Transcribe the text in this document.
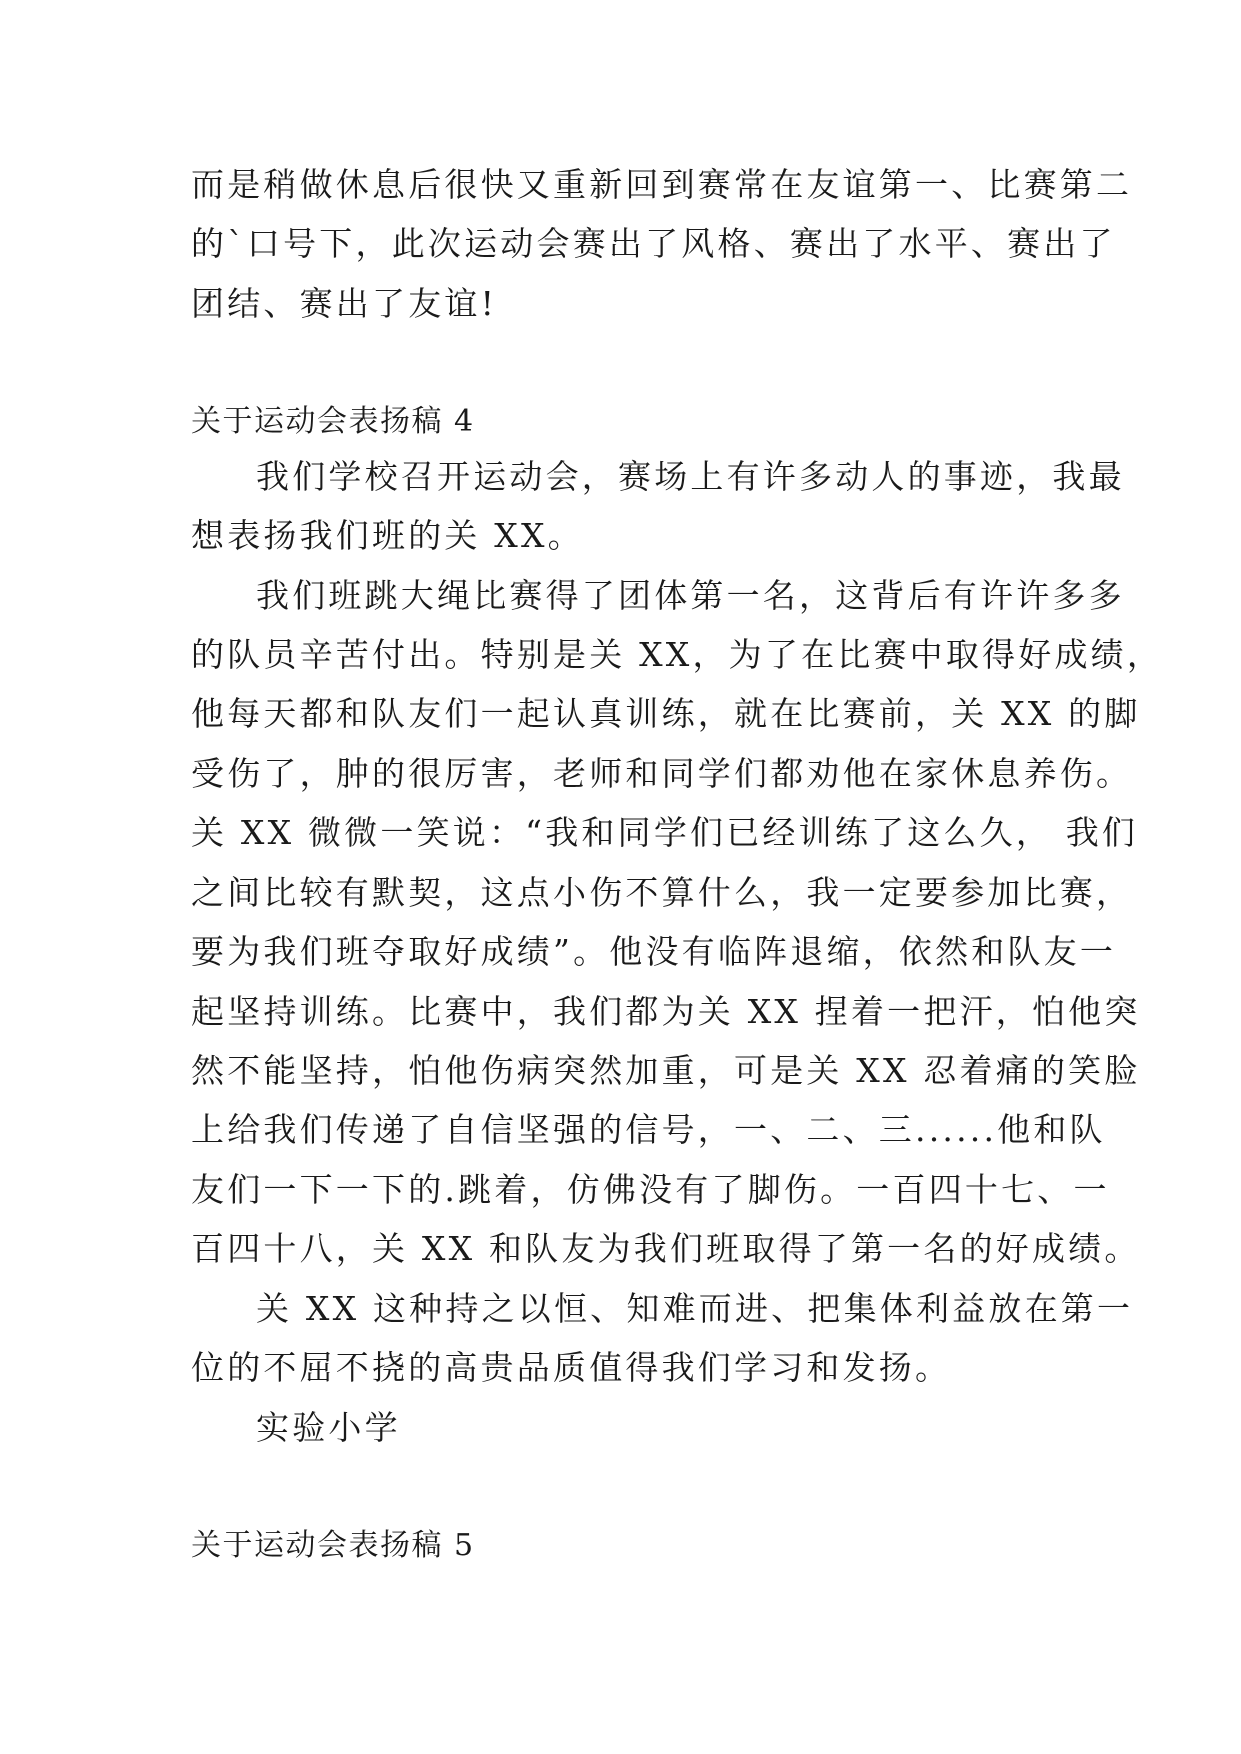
而是稍做休息后很快又重新回到赛常在友谊第一、比赛第二
的`口号下，此次运动会赛出了风格、赛出了水平、赛出了
团结、赛出了友谊!
关于运动会表扬稿 4
我们学校召开运动会，赛场上有许多动人的事迹，我最
想表扬我们班的关 XX。
我们班跳大绳比赛得了团体第一名，这背后有许许多多
的队员辛苦付出。特别是关 XX，为了在比赛中取得好成绩，
他每天都和队友们一起认真训练，就在比赛前，关 XX 的脚
受伤了，肿的很厉害，老师和同学们都劝他在家休息养伤。
关 XX 微微一笑说：“我和同学们已经训练了这么久， 我们
之间比较有默契，这点小伤不算什么，我一定要参加比赛，
要为我们班夺取好成绩”。他没有临阵退缩，依然和队友一
起坚持训练。比赛中，我们都为关 XX 捏着一把汗，怕他突
然不能坚持，怕他伤病突然加重，可是关 XX 忍着痛的笑脸
上给我们传递了自信坚强的信号，一、二、三......他和队
友们一下一下的.跳着，仿佛没有了脚伤。一百四十七、一
百四十八，关 XX 和队友为我们班取得了第一名的好成绩。
关 XX 这种持之以恒、知难而进、把集体利益放在第一
位的不屈不挠的高贵品质值得我们学习和发扬。
实验小学
关于运动会表扬稿 5
